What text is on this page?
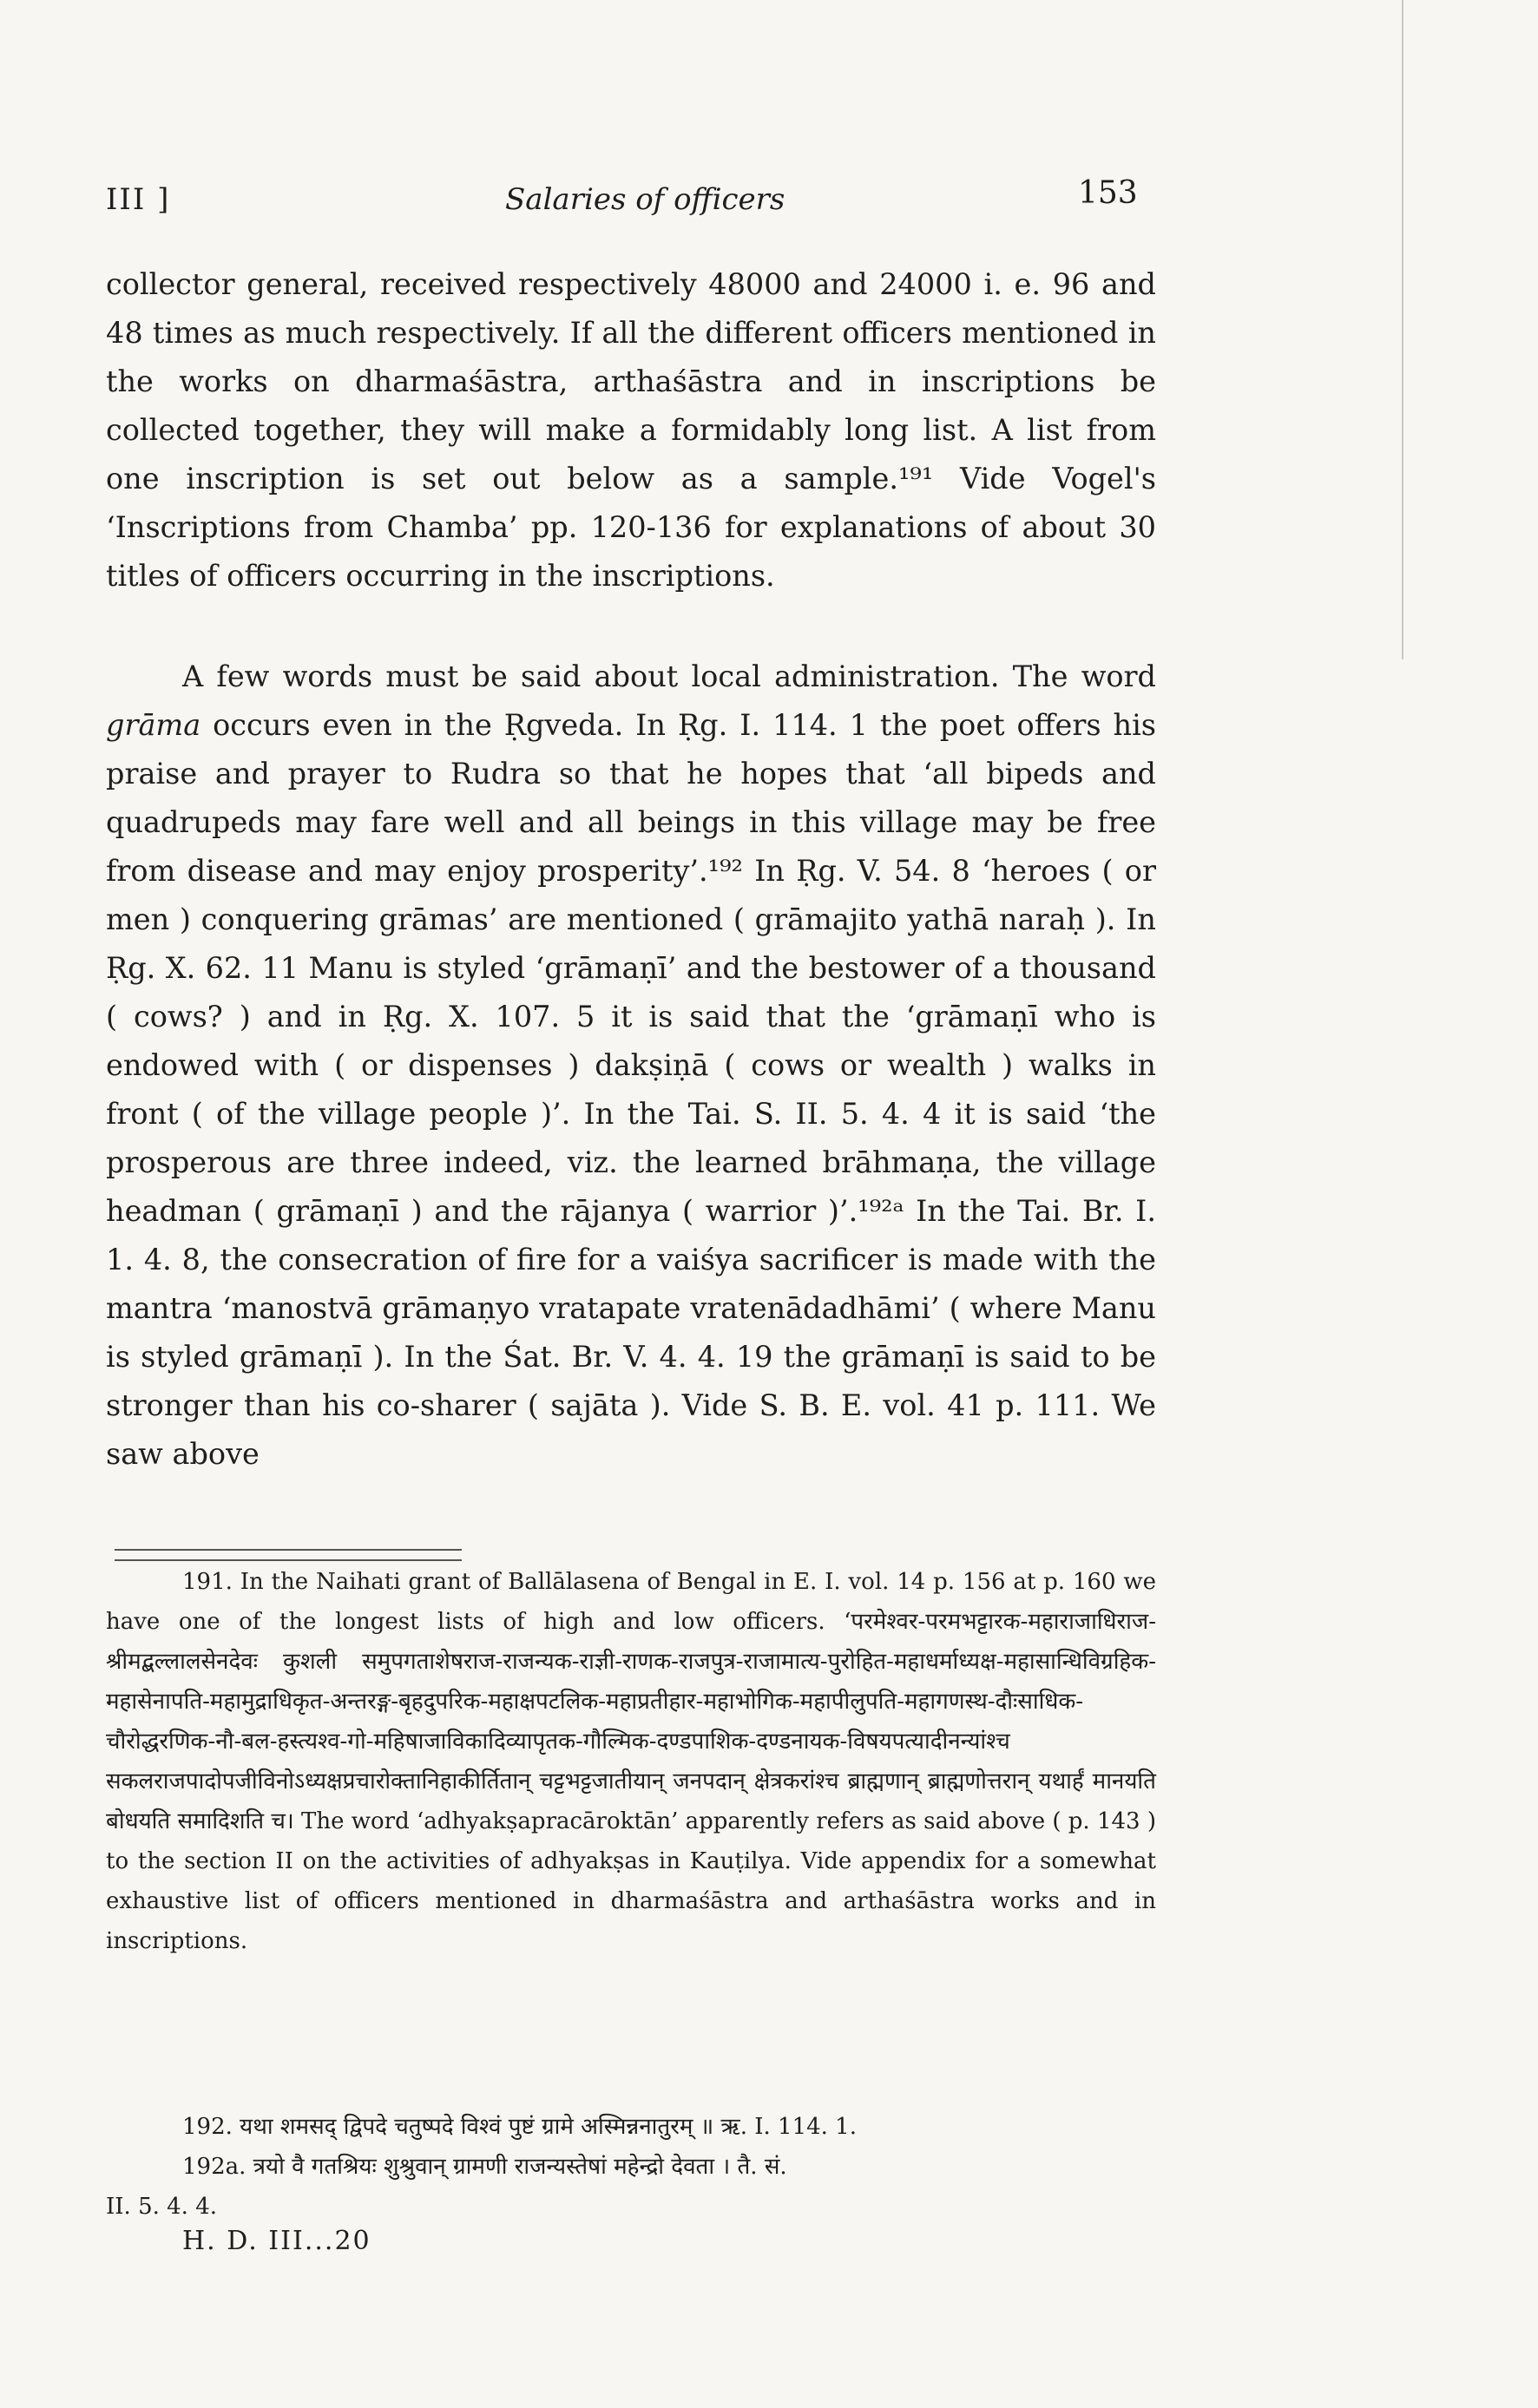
III ]	Salaries of officers	153

collector general, received respectively 48000 and 24000 i. e. 96 and 48 times as much respectively. If all the different officers mentioned in the works on dharmaśāstra, arthaśāstra and in inscriptions be collected together, they will make a formidably long list. A list from one inscription is set out below as a sample.¹⁹¹ Vide Vogel's ‘Inscriptions from Chamba’ pp. 120-136 for explanations of about 30 titles of officers occurring in the inscriptions.

A few words must be said about local administration. The word grāma occurs even in the Ṛgveda. In Ṛg. I. 114. 1 the poet offers his praise and prayer to Rudra so that he hopes that ‘all bipeds and quadrupeds may fare well and all beings in this village may be free from disease and may enjoy prosperity’.¹⁹² In Ṛg. V. 54. 8 ‘heroes ( or men ) conquering grāmas’ are mentioned ( grāmajito yathā naraḥ ). In Ṛg. X. 62. 11 Manu is styled ‘grāmaṇī’ and the bestower of a thousand ( cows? ) and in Ṛg. X. 107. 5 it is said that the ‘grāmaṇī who is endowed with ( or dispenses ) dakṣiṇā ( cows or wealth ) walks in front ( of the village people )’. In the Tai. S. II. 5. 4. 4 it is said ‘the prosperous are three indeed, viz. the learned brāhmaṇa, the village headman ( grāmaṇī ) and the rājanya ( warrior )’.¹⁹²ᵃ In the Tai. Br. I. 1. 4. 8, the consecration of fire for a vaiśya sacrificer is made with the mantra ‘manostvā grāmaṇyo vratapate vratenādadhāmi’ ( where Manu is styled grāmaṇī ). In the Śat. Br. V. 4. 4. 19 the grāmaṇī is said to be stronger than his co-sharer ( sajāta ). Vide S. B. E. vol. 41 p. 111. We saw above

191. In the Naihati grant of Ballālasena of Bengal in E. I. vol. 14 p. 156 at p. 160 we have one of the longest lists of high and low officers. ‘परमेश्वर-परमभट्टारक-महाराजाधिराज-श्रीमद्बल्लालसेनदेवः कुशली समुपगताशेषराज-राजन्यक-राज्ञी-राणक-राजपुत्र-राजामात्य-पुरोहित-महाधर्माध्यक्ष-महासान्धिविग्रहिक-महासेनापति-महामुद्राधिकृत-अन्तरङ्ग-बृहदुपरिक-महाक्षपटलिक-महाप्रतीहार-महाभोगिक-महापीलुपति-महागणस्थ-दौःसाधिक-चौरोद्धरणिक-नौ-बल-हस्त्यश्व-गो-महिषाजाविकादिव्यापृतक-गौल्मिक-दण्डपाशिक-दण्डनायक-विषयपत्यादीनन्यांश्च सकलराजपादोपजीविनोऽध्यक्षप्रचारोक्तानिहाकीर्तितान् चट्टभट्टजातीयान् जनपदान् क्षेत्रकरांश्च ब्राह्मणान् ब्राह्मणोत्तरान् यथार्हं मानयति बोधयति समादिशति च। The word ‘adhyakṣapracāroktān’ apparently refers as said above ( p. 143 ) to the section II on the activities of adhyakṣas in Kauṭilya. Vide appendix for a somewhat exhaustive list of officers mentioned in dharmaśāstra and arthaśāstra works and in inscriptions.

192. यथा शमसद् द्विपदे चतुष्पदे विश्वं पुष्टं ग्रामे अस्मिन्ननातुरम् ॥ ऋ. I. 114. 1.

192a. त्रयो वै गतश्रियः शुश्रुवान् ग्रामणी राजन्यस्तेषां महेन्द्रो देवता । तै. सं.

II. 5. 4. 4.

H. D. III...20
